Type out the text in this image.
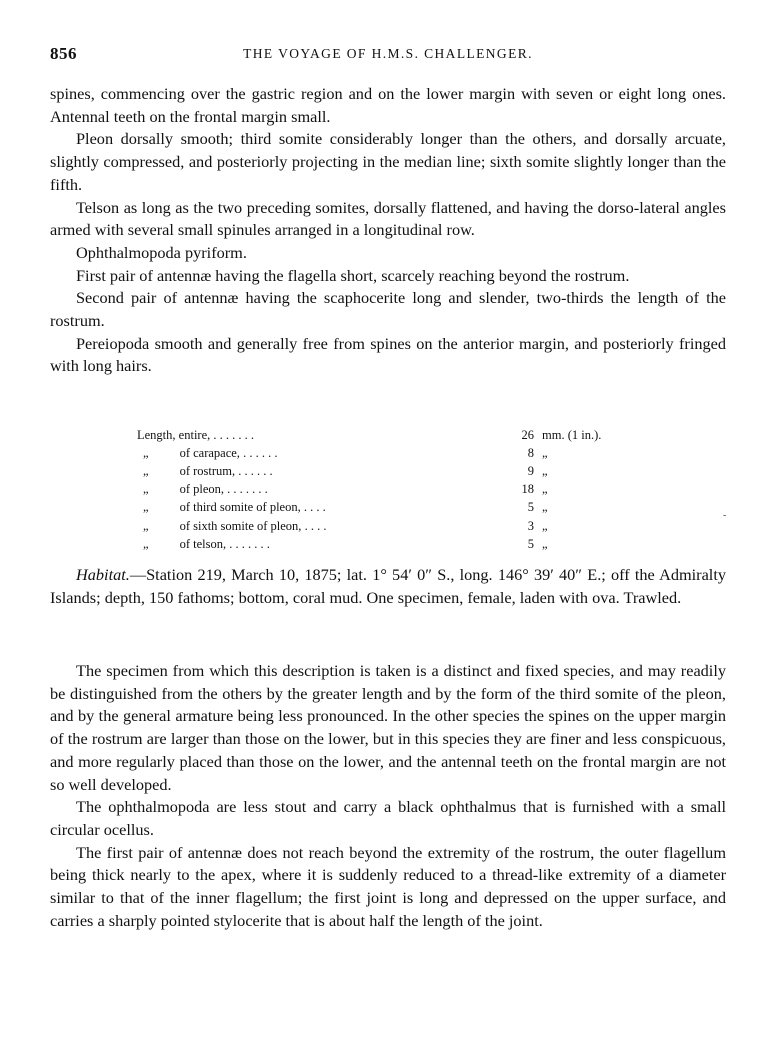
856	THE VOYAGE OF H.M.S. CHALLENGER.

spines, commencing over the gastric region and on the lower margin with seven or eight long ones. Antennal teeth on the frontal margin small.

Pleon dorsally smooth; third somite considerably longer than the others, and dorsally arcuate, slightly compressed, and posteriorly projecting in the median line; sixth somite slightly longer than the fifth.

Telson as long as the two preceding somites, dorsally flattened, and having the dorso-lateral angles armed with several small spinules arranged in a longitudinal row.

Ophthalmopoda pyriform.

First pair of antennæ having the flagella short, scarcely reaching beyond the rostrum.

Second pair of antennæ having the scaphocerite long and slender, two-thirds the length of the rostrum.

Pereiopoda smooth and generally free from spines on the anterior margin, and posteriorly fringed with long hairs.

Length, entire, . . . . . . .		26	mm. (1 in.).
„	of carapace, . . . . . .	8	„
„	of rostrum, . . . . . .	9	„
„	of pleon, . . . . . . .	18	„
„	of third somite of pleon, . . . .	5	„
„	of sixth somite of pleon, . . . .	3	„
„	of telson, . . . . . . .	5	„
-

Habitat.—Station 219, March 10, 1875; lat. 1° 54′ 0″ S., long. 146° 39′ 40″ E.; off the Admiralty Islands; depth, 150 fathoms; bottom, coral mud. One specimen, female, laden with ova. Trawled.

The specimen from which this description is taken is a distinct and fixed species, and may readily be distinguished from the others by the greater length and by the form of the third somite of the pleon, and by the general armature being less pronounced. In the other species the spines on the upper margin of the rostrum are larger than those on the lower, but in this species they are finer and less conspicuous, and more regularly placed than those on the lower, and the antennal teeth on the frontal margin are not so well developed.

The ophthalmopoda are less stout and carry a black ophthalmus that is furnished with a small circular ocellus.

The first pair of antennæ does not reach beyond the extremity of the rostrum, the outer flagellum being thick nearly to the apex, where it is suddenly reduced to a thread-like extremity of a diameter similar to that of the inner flagellum; the first joint is long and depressed on the upper surface, and carries a sharply pointed stylocerite that is about half the length of the joint.
